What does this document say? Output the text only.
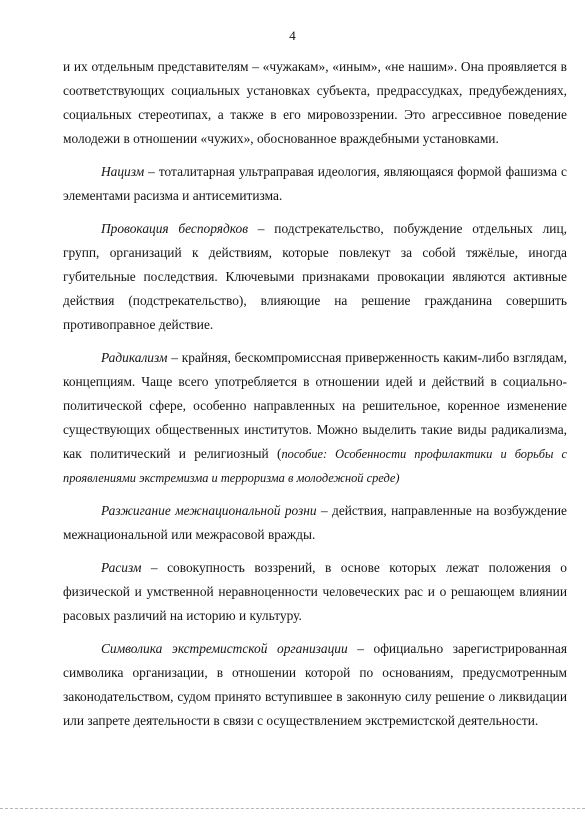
4

и их отдельным представителям – «чужакам», «иным», «не нашим». Она проявляется в соответствующих социальных установках субъекта, предрассудках, предубеждениях, социальных стереотипах, а также в его мировоззрении. Это агрессивное поведение молодежи в отношении «чужих», обоснованное враждебными установками.

Нацизм – тоталитарная ультраправая идеология, являющаяся формой фашизма с элементами расизма и антисемитизма.

Провокация беспорядков – подстрекательство, побуждение отдельных лиц, групп, организаций к действиям, которые повлекут за собой тяжёлые, иногда губительные последствия. Ключевыми признаками провокации являются активные действия (подстрекательство), влияющие на решение гражданина совершить противоправное действие.

Радикализм – крайняя, бескомпромиссная приверженность каким-либо взглядам, концепциям. Чаще всего употребляется в отношении идей и действий в социально-политической сфере, особенно направленных на решительное, коренное изменение существующих общественных институтов. Можно выделить такие виды радикализма, как политический и религиозный (пособие: Особенности профилактики и борьбы с проявлениями экстремизма и терроризма в молодежной среде)

Разжигание межнациональной розни – действия, направленные на возбуждение межнациональной или межрасовой вражды.

Расизм – совокупность воззрений, в основе которых лежат положения о физической и умственной неравноценности человеческих рас и о решающем влиянии расовых различий на историю и культуру.

Символика экстремистской организации – официально зарегистрированная символика организации, в отношении которой по основаниям, предусмотренным законодательством, судом принято вступившее в законную силу решение о ликвидации или запрете деятельности в связи с осуществлением экстремистской деятельности.
